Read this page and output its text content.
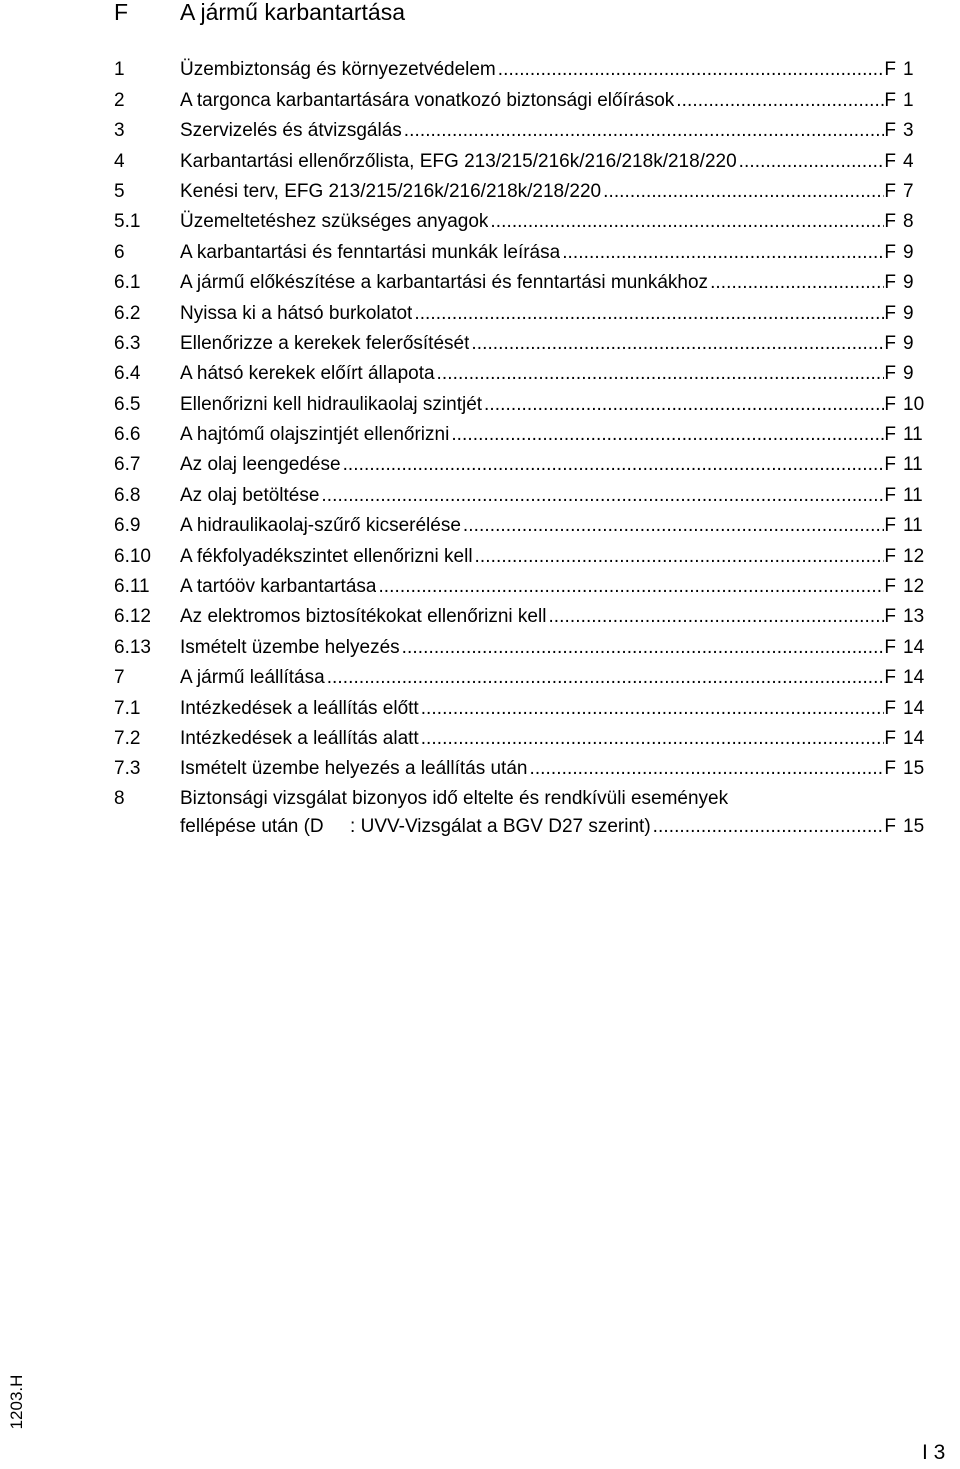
F A jármű karbantartása
1	Üzembiztonság és környezetvédelem . . .	F 1
2	A targonca karbantartására vonatkozó biztonsági előírások . . .	F 1
3	Szervizelés és átvizsgálás . . .	F 3
4	Karbantartási ellenőrzőlista, EFG 213/215/216k/216/218k/218/220 . . .	F 4
5	Kenési terv, EFG 213/215/216k/216/218k/218/220 . . .	F 7
5.1	Üzemeltetéshez szükséges anyagok . . .	F 8
6	A karbantartási és fenntartási munkák leírása . . .	F 9
6.1	A jármű előkészítése a karbantartási és fenntartási munkákhoz . . .	F 9
6.2	Nyissa ki a hátsó burkolatot . . .	F 9
6.3	Ellenőrizze a kerekek felerősítését . . .	F 9
6.4	A hátsó kerekek előírt állapota . . .	F 9
6.5	Ellenőrizni kell hidraulikaolaj szintjét . . .	F 10
6.6	A hajtómű olajszintjét ellenőrizni . . .	F 11
6.7	Az olaj leengedése . . .	F 11
6.8	Az olaj betöltése . . .	F 11
6.9	A hidraulikaolaj-szűrő kicserélése . . .	F 11
6.10	A fékfolyadékszintet ellenőrizni kell . . .	F 12
6.11	A tartóöv karbantartása . . .	F 12
6.12	Az elektromos biztosítékokat ellenőrizni kell . . .	F 13
6.13	Ismételt üzembe helyezés . . .	F 14
7	A jármű leállítása . . .	F 14
7.1	Intézkedések a leállítás előtt . . .	F 14
7.2	Intézkedések a leállítás alatt . . .	F 14
7.3	Ismételt üzembe helyezés a leállítás után . . .	F 15
8	Biztonsági vizsgálat bizonyos idő eltelte és rendkívüli események
fellépése után (D     : UVV-Vizsgálat a BGV D27 szerint) . . .	F 15
1203.H
I 3
